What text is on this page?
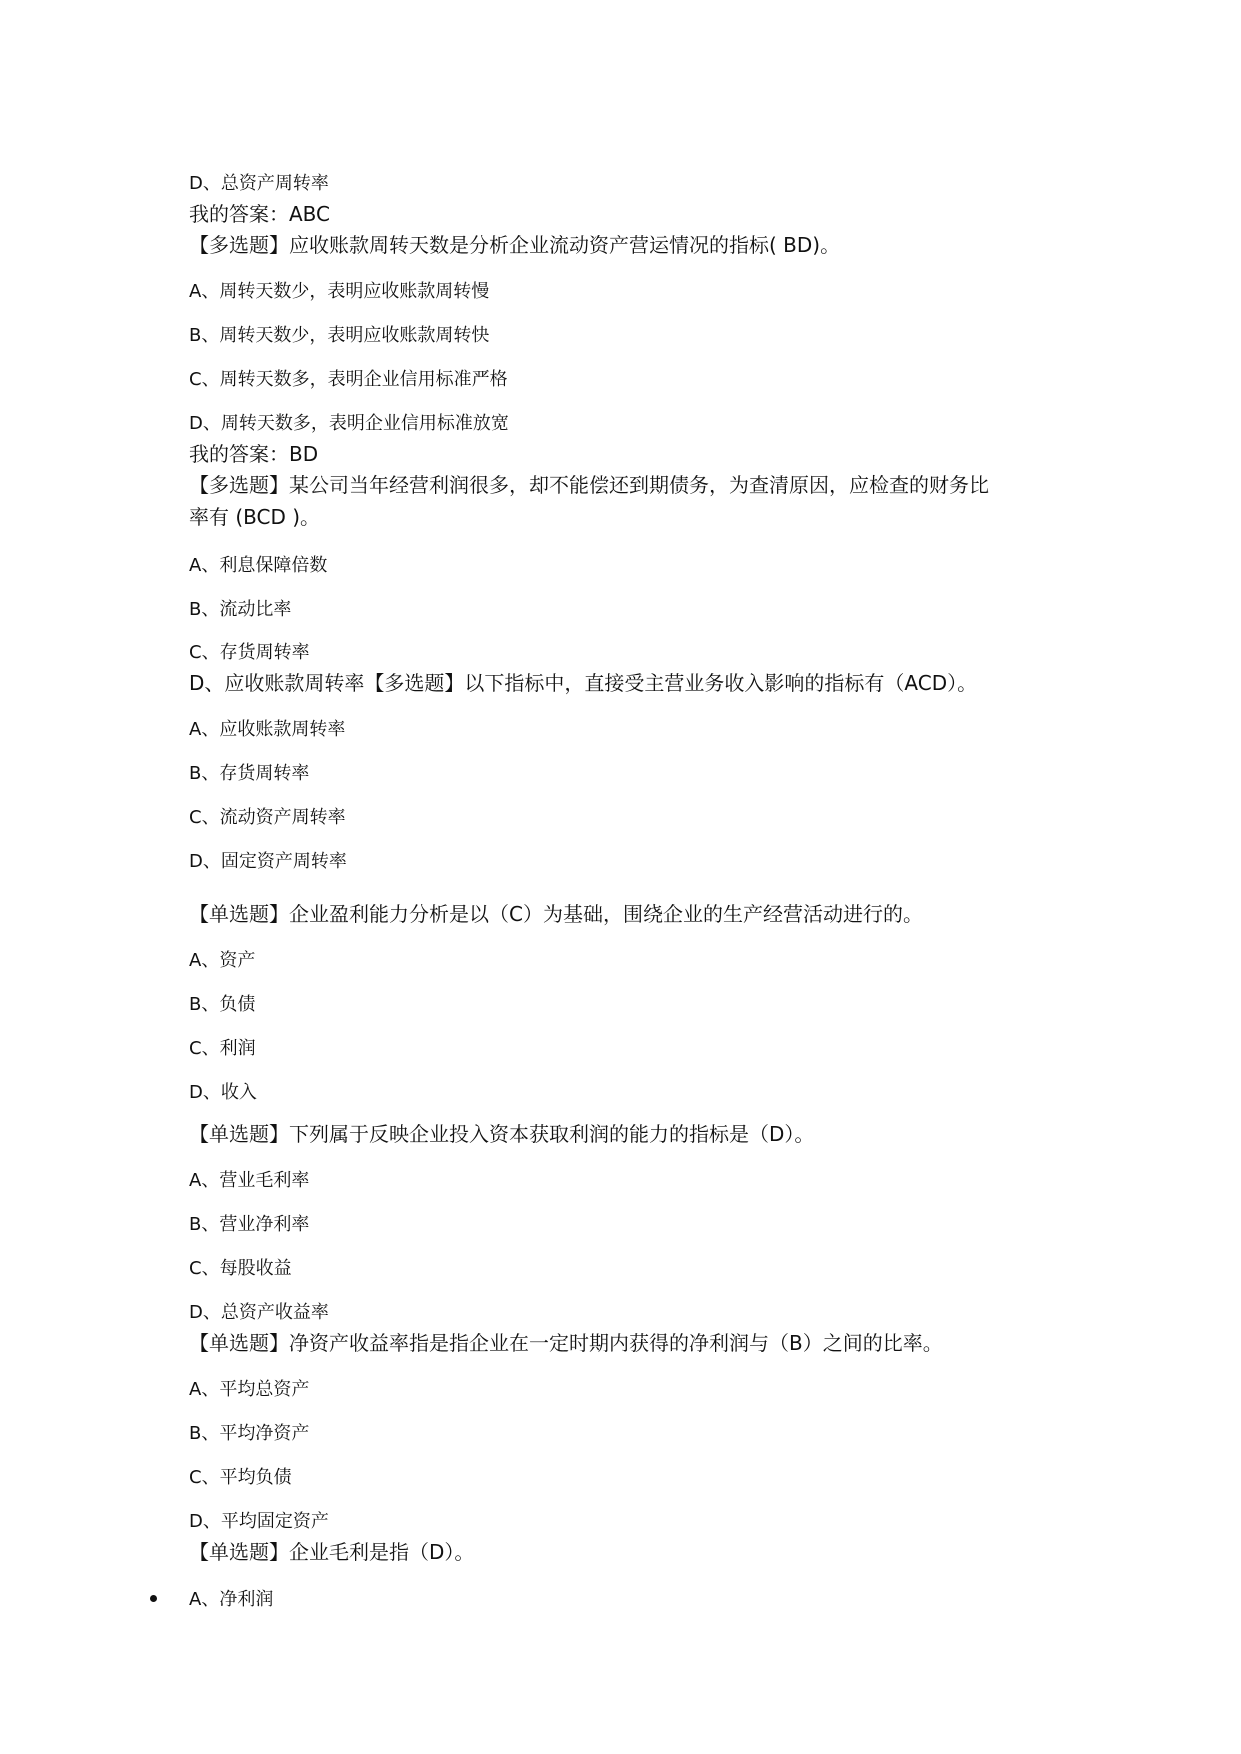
D、总资产周转率
我的答案：ABC
【多选题】应收账款周转天数是分析企业流动资产营运情况的指标( BD)。
A、周转天数少，表明应收账款周转慢
B、周转天数少，表明应收账款周转快
C、周转天数多，表明企业信用标准严格
D、周转天数多，表明企业信用标准放宽
我的答案：BD
【多选题】某公司当年经营利润很多，却不能偿还到期债务，为查清原因，应检查的财务比
率有 (BCD )。
A、利息保障倍数
B、流动比率
C、存货周转率
D、应收账款周转率【多选题】以下指标中，直接受主营业务收入影响的指标有（ACD）。
A、应收账款周转率
B、存货周转率
C、流动资产周转率
D、固定资产周转率
【单选题】企业盈利能力分析是以（C）为基础，围绕企业的生产经营活动进行的。
A、资产
B、负债
C、利润
D、收入
【单选题】下列属于反映企业投入资本获取利润的能力的指标是（D）。
A、营业毛利率
B、营业净利率
C、每股收益
D、总资产收益率
【单选题】净资产收益率指是指企业在一定时期内获得的净利润与（B）之间的比率。
A、平均总资产
B、平均净资产
C、平均负债
D、平均固定资产
【单选题】企业毛利是指（D）。
A、净利润
